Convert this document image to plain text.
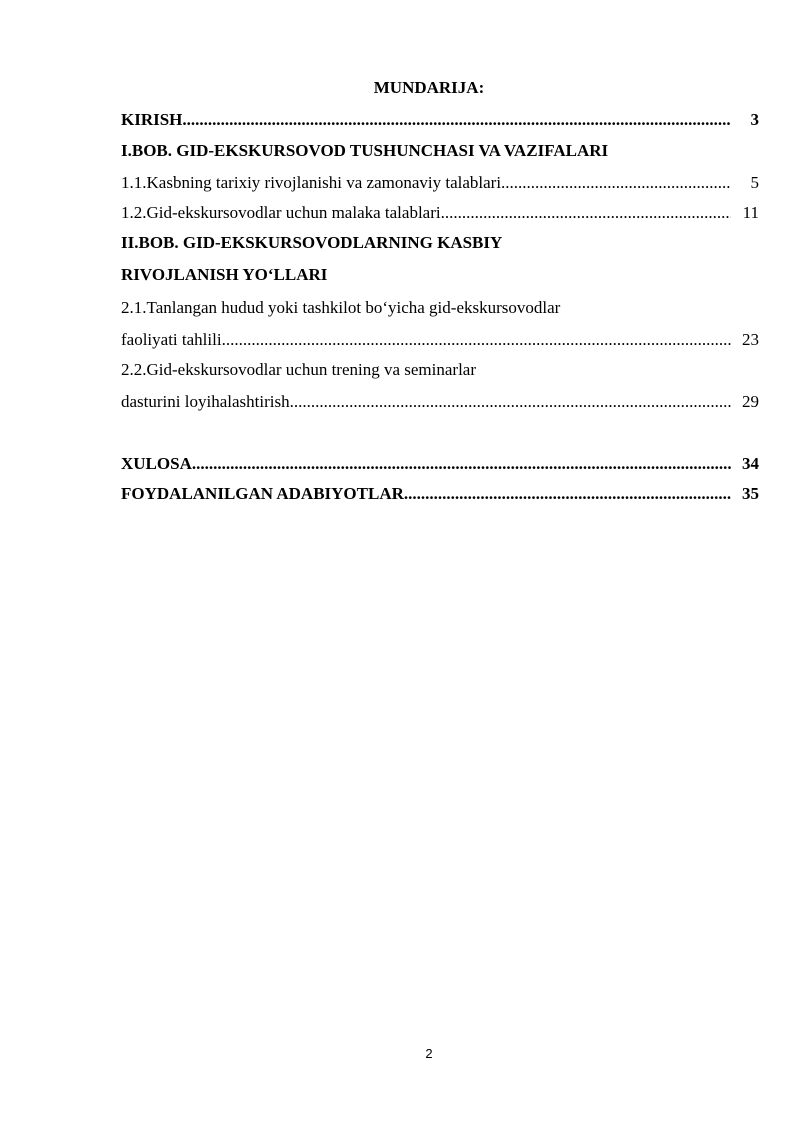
MUNDARIJA:
KIRISH .....	3
I.BOB. GID-EKSKURSOVOD TUSHUNCHASI VA VAZIFALARI
1.1.Kasbning tarixiy rivojlanishi va zamonaviy talablari .....	5
1.2.Gid-ekskursovodlar uchun malaka talablari .....	11
II.BOB. GID-EKSKURSOVODLARNING KASBIY
RIVOJLANISH YO‘LLARI
2.1.Tanlangan hudud yoki tashkilot bo‘yicha gid-ekskursovodlar
faoliyati tahlili .....	23
2.2.Gid-ekskursovodlar uchun trening va seminarlar
dasturini loyihalashtirish .....	29
XULOSA .....	34
FOYDALANILGAN ADABIYOTLAR .....	35
2
